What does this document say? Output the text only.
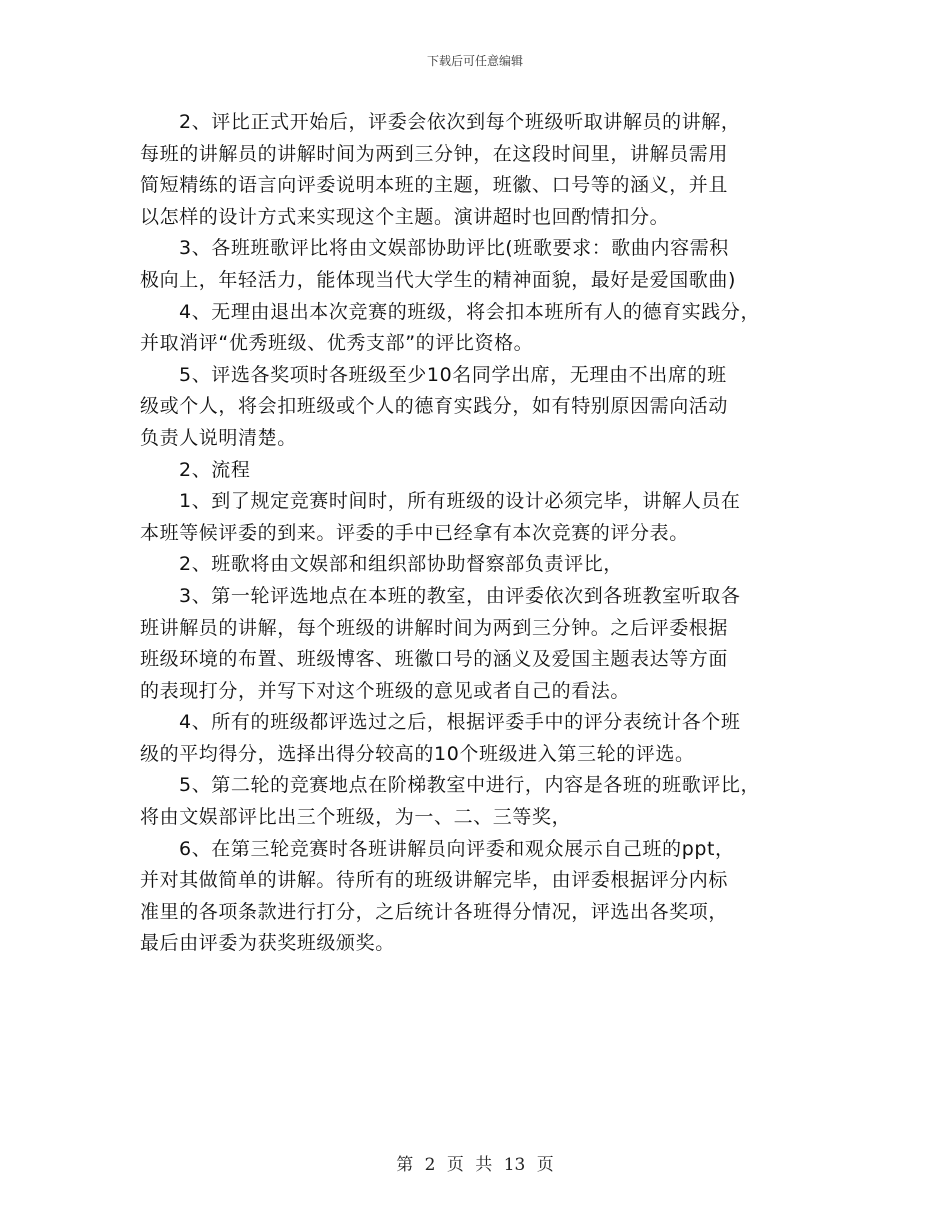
下载后可任意编辑
2、评比正式开始后，评委会依次到每个班级听取讲解员的讲解，
每班的讲解员的讲解时间为两到三分钟，在这段时间里，讲解员需用
简短精练的语言向评委说明本班的主题，班徽、口号等的涵义，并且
以怎样的设计方式来实现这个主题。演讲超时也回酌情扣分。
3、各班班歌评比将由文娱部协助评比(班歌要求：歌曲内容需积
极向上，年轻活力，能体现当代大学生的精神面貌，最好是爱国歌曲)
4、无理由退出本次竞赛的班级，将会扣本班所有人的德育实践分，
并取消评“优秀班级、优秀支部”的评比资格。
5、评选各奖项时各班级至少10名同学出席，无理由不出席的班
级或个人，将会扣班级或个人的德育实践分，如有特别原因需向活动
负责人说明清楚。
2、流程
1、到了规定竞赛时间时，所有班级的设计必须完毕，讲解人员在
本班等候评委的到来。评委的手中已经拿有本次竞赛的评分表。
2、班歌将由文娱部和组织部协助督察部负责评比，
3、第一轮评选地点在本班的教室，由评委依次到各班教室听取各
班讲解员的讲解，每个班级的讲解时间为两到三分钟。之后评委根据
班级环境的布置、班级博客、班徽口号的涵义及爱国主题表达等方面
的表现打分，并写下对这个班级的意见或者自己的看法。
4、所有的班级都评选过之后，根据评委手中的评分表统计各个班
级的平均得分，选择出得分较高的10个班级进入第三轮的评选。
5、第二轮的竞赛地点在阶梯教室中进行，内容是各班的班歌评比，
将由文娱部评比出三个班级，为一、二、三等奖，
6、在第三轮竞赛时各班讲解员向评委和观众展示自己班的ppt，
并对其做简单的讲解。待所有的班级讲解完毕，由评委根据评分内标
准里的各项条款进行打分，之后统计各班得分情况，评选出各奖项，
最后由评委为获奖班级颁奖。
第 2 页 共 13 页
